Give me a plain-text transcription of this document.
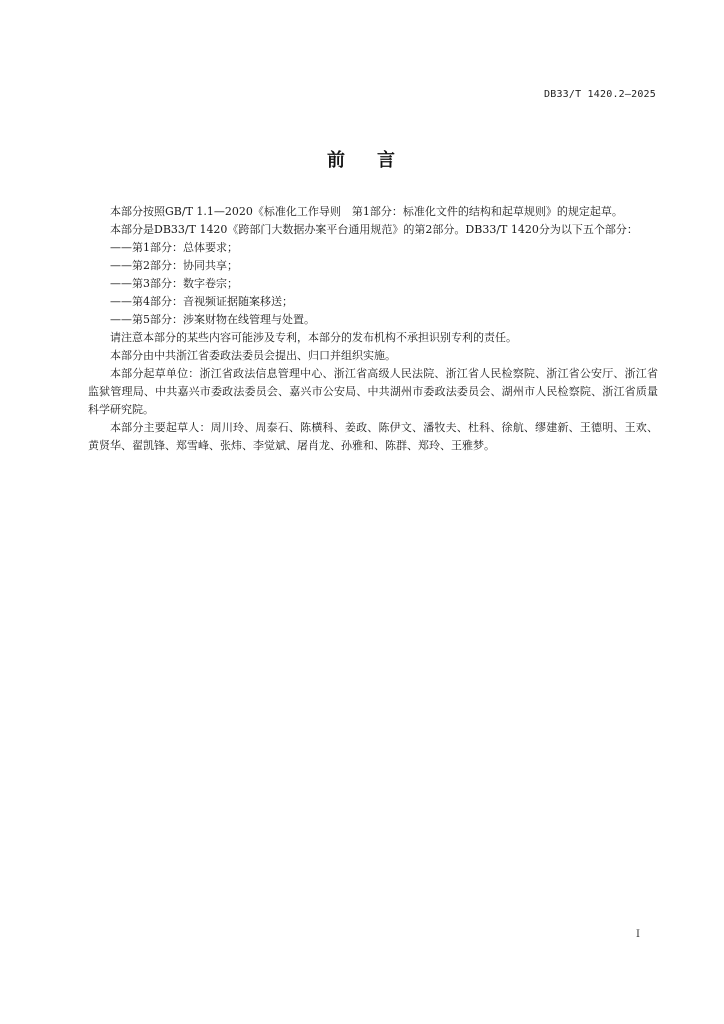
DB33/T 1420.2—2025
前 言

本部分按照GB/T 1.1—2020《标准化工作导则　第1部分：标准化文件的结构和起草规则》的规定起草。

本部分是DB33/T 1420《跨部门大数据办案平台通用规范》的第2部分。DB33/T 1420分为以下五个部分：

——第1部分：总体要求；

——第2部分：协同共享；

——第3部分：数字卷宗；

——第4部分：音视频证据随案移送；

——第5部分：涉案财物在线管理与处置。

请注意本部分的某些内容可能涉及专利，本部分的发布机构不承担识别专利的责任。

本部分由中共浙江省委政法委员会提出、归口并组织实施。

本部分起草单位：浙江省政法信息管理中心、浙江省高级人民法院、浙江省人民检察院、浙江省公安厅、浙江省监狱管理局、中共嘉兴市委政法委员会、嘉兴市公安局、中共湖州市委政法委员会、湖州市人民检察院、浙江省质量科学研究院。

本部分主要起草人：周川玲、周泰石、陈横科、姜政、陈伊文、潘牧夫、杜科、徐航、缪建新、王德明、王欢、黄贤华、翟凯锋、郑雪峰、张炜、李觉斌、屠肖龙、孙雅和、陈群、郑玲、王雅梦。

I
